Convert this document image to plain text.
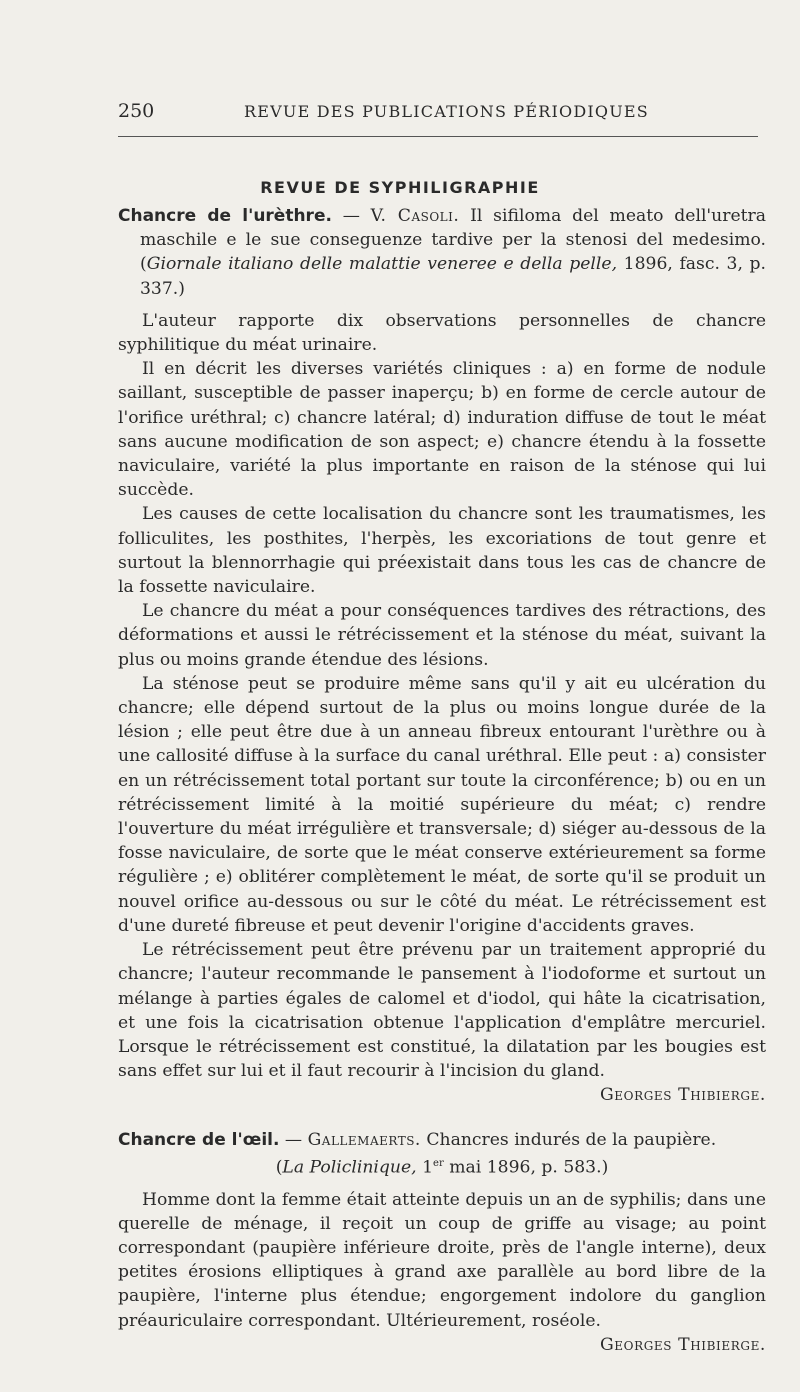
250	REVUE DES PUBLICATIONS PÉRIODIQUES
REVUE DE SYPHILIGRAPHIE

Chancre de l'urèthre. — V. Casoli. Il sifiloma del meato dell'uretra maschile e le sue conseguenze tardive per la stenosi del medesimo. (Giornale italiano delle malattie veneree e della pelle, 1896, fasc. 3, p. 337.)

L'auteur rapporte dix observations personnelles de chancre syphilitique du méat urinaire.

Il en décrit les diverses variétés cliniques : a) en forme de nodule saillant, susceptible de passer inaperçu; b) en forme de cercle autour de l'orifice uréthral; c) chancre latéral; d) induration diffuse de tout le méat sans aucune modification de son aspect; e) chancre étendu à la fossette naviculaire, variété la plus importante en raison de la sténose qui lui succède.

Les causes de cette localisation du chancre sont les traumatismes, les folliculites, les posthites, l'herpès, les excoriations de tout genre et surtout la blennorrhagie qui préexistait dans tous les cas de chancre de la fossette naviculaire.

Le chancre du méat a pour conséquences tardives des rétractions, des déformations et aussi le rétrécissement et la sténose du méat, suivant la plus ou moins grande étendue des lésions.

La sténose peut se produire même sans qu'il y ait eu ulcération du chancre; elle dépend surtout de la plus ou moins longue durée de la lésion ; elle peut être due à un anneau fibreux entourant l'urèthre ou à une callosité diffuse à la surface du canal uréthral. Elle peut : a) consister en un rétrécissement total portant sur toute la circonférence; b) ou en un rétrécissement limité à la moitié supérieure du méat; c) rendre l'ouverture du méat irrégulière et transversale; d) siéger au-dessous de la fosse naviculaire, de sorte que le méat conserve extérieurement sa forme régulière ; e) oblitérer complètement le méat, de sorte qu'il se produit un nouvel orifice au-dessous ou sur le côté du méat. Le rétrécissement est d'une dureté fibreuse et peut devenir l'origine d'accidents graves.

Le rétrécissement peut être prévenu par un traitement approprié du chancre; l'auteur recommande le pansement à l'iodoforme et surtout un mélange à parties égales de calomel et d'iodol, qui hâte la cicatrisation, et une fois la cicatrisation obtenue l'application d'emplâtre mercuriel. Lorsque le rétrécissement est constitué, la dilatation par les bougies est sans effet sur lui et il faut recourir à l'incision du gland.
Georges Thibierge.

Chancre de l'œil. — Gallemaerts. Chancres indurés de la paupière.

(La Policlinique, 1er mai 1896, p. 583.)

Homme dont la femme était atteinte depuis un an de syphilis; dans une querelle de ménage, il reçoit un coup de griffe au visage; au point correspondant (paupière inférieure droite, près de l'angle interne), deux petites érosions elliptiques à grand axe parallèle au bord libre de la paupière, l'interne plus étendue; engorgement indolore du ganglion préauriculaire correspondant. Ultérieurement, roséole.
Georges Thibierge.
